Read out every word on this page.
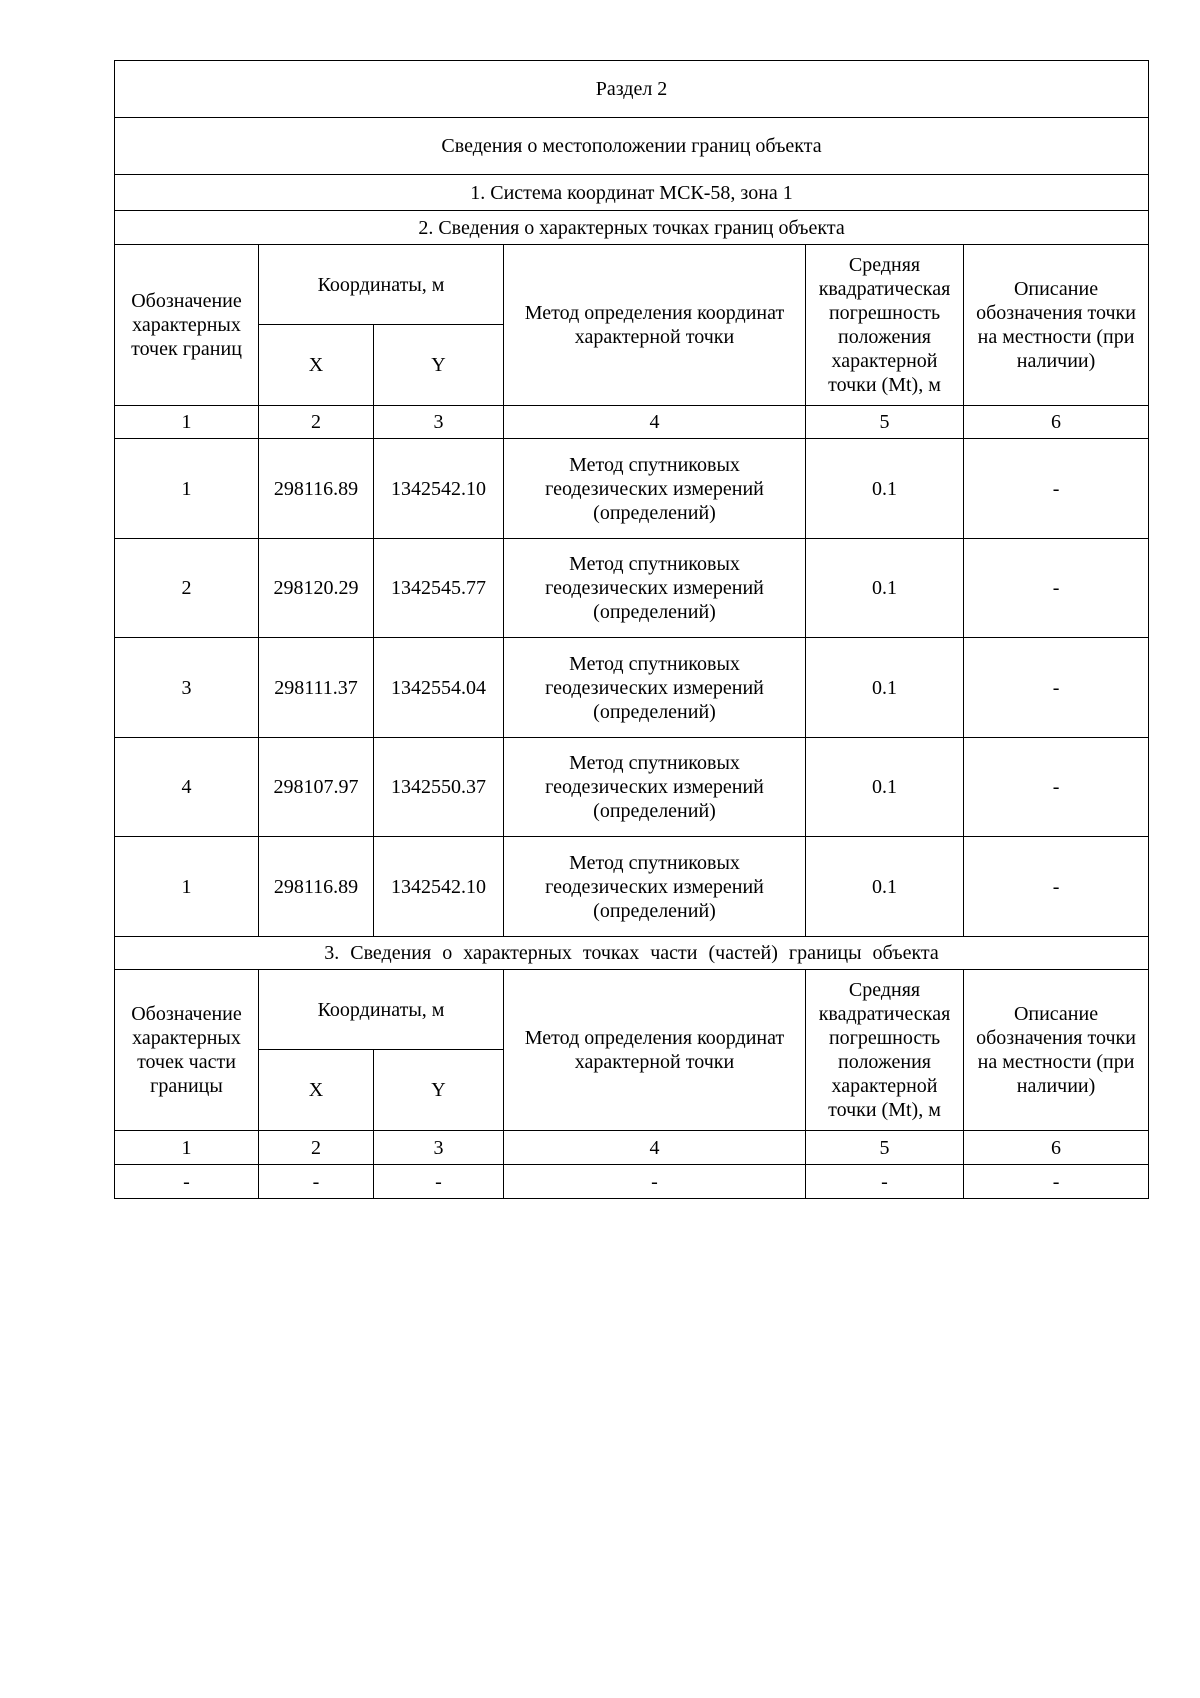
Раздел 2					
Сведения о местоположении границ объекта					
1. Система координат МСК-58, зона 1					
2. Сведения о характерных точках границ объекта					
Обозначение характерных точек границ	Координаты, м		Метод определения координат характерной точки	Средняя квадратическая погрешность положения характерной точки (Mt), м	Описание обозначения точки на местности (при наличии)
	X	Y			
1	2	3	4	5	6
1	298116.89	1342542.10	Метод спутниковых геодезических измерений (определений)	0.1	-
2	298120.29	1342545.77	Метод спутниковых геодезических измерений (определений)	0.1	-
3	298111.37	1342554.04	Метод спутниковых геодезических измерений (определений)	0.1	-
4	298107.97	1342550.37	Метод спутниковых геодезических измерений (определений)	0.1	-
1	298116.89	1342542.10	Метод спутниковых геодезических измерений (определений)	0.1	-
3. Сведения о характерных точках части (частей) границы объекта					
Обозначение характерных точек части границы	Координаты, м		Метод определения координат характерной точки	Средняя квадратическая погрешность положения характерной точки (Mt), м	Описание обозначения точки на местности (при наличии)
	X	Y			
1	2	3	4	5	6
-	-	-	-	-	-
